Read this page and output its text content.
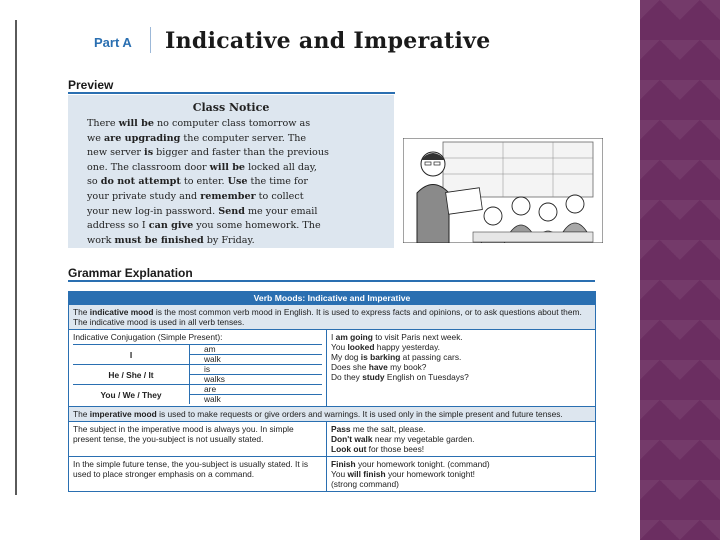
Part A Indicative and Imperative
Preview
Class Notice
There will be no computer class tomorrow as
we are upgrading the computer server. The
new server is bigger and faster than the previous
one. The classroom door will be locked all day,
so do not attempt to enter. Use the time for
your private study and remember to collect
your new log-in password. Send me your email
address so I can give you some homework. The
work must be finished by Friday.
Grammar Explanation
Verb Moods: Indicative and Imperative
The indicative mood is the most common verb mood in English. It is used to express facts and opinions, or to ask questions about them. The indicative mood is used in all verb tenses.
Indicative Conjugation (Simple Present):
I
am
walk
He / She / It
is
walks
You / We / They
are
walk
I am going to visit Paris next week.
You looked happy yesterday.
My dog is barking at passing cars.
Does she have my book?
Do they study English on Tuesdays?
The imperative mood is used to make requests or give orders and warnings. It is used only in the simple present and future tenses.
The subject in the imperative mood is always you. In simple present tense, the you-subject is not usually stated.
Pass me the salt, please.
Don't walk near my vegetable garden.
Look out for those bees!
In the simple future tense, the you-subject is usually stated. It is used to place stronger emphasis on a command.
Finish your homework tonight. (command)
You will finish your homework tonight!
(strong command)
